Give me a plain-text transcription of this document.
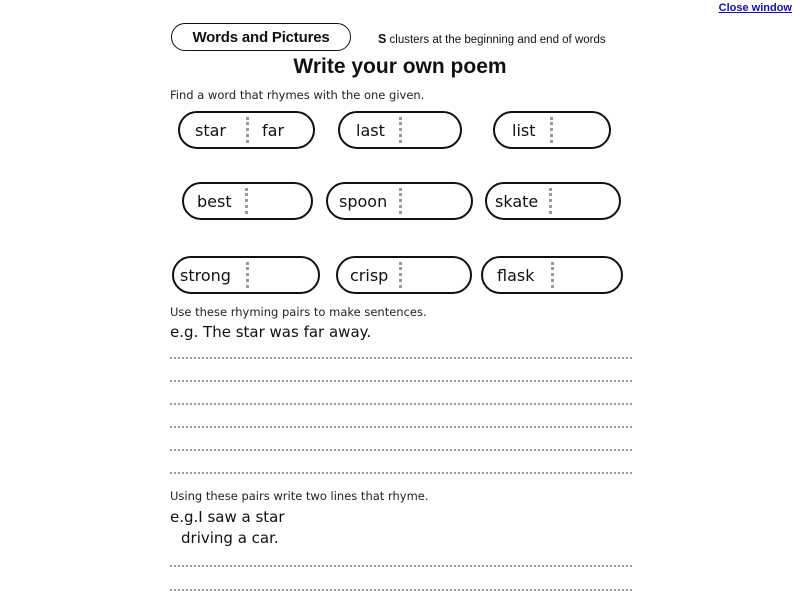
Close window
Words and Pictures	S clusters at the beginning and end of words
Write your own poem
Find a word that rhymes with the one given.
star far	last	list
best	spoon	skate
strong	crisp	flask
Use these rhyming pairs to make sentences.
e.g. The star was far away.
Using these pairs write two lines that rhyme.
e.g.I saw a star
driving a car.
